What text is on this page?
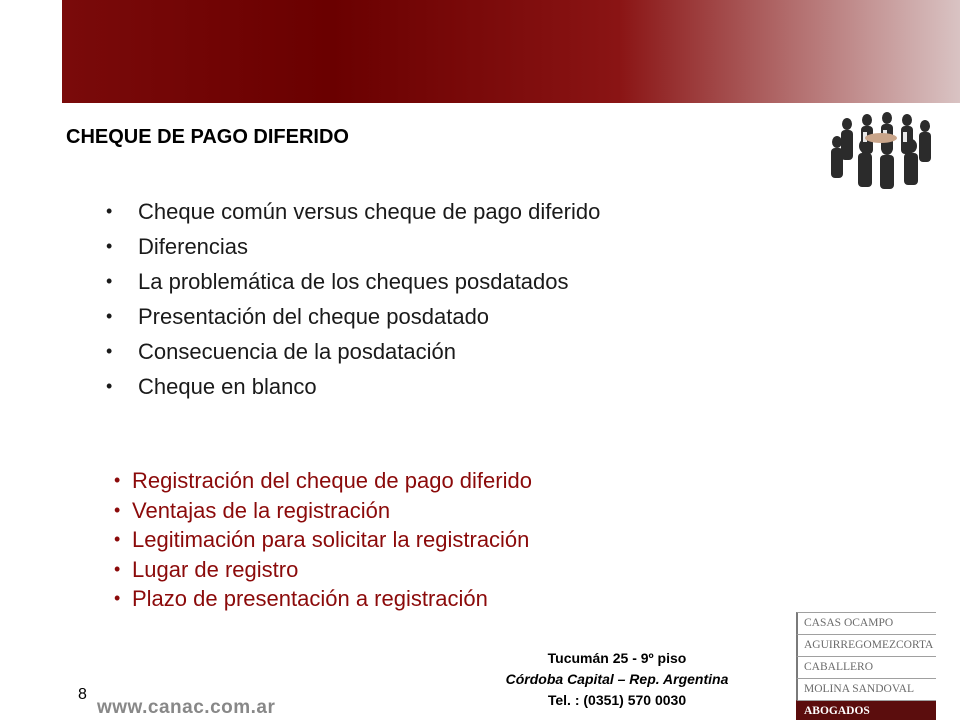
CHEQUE DE PAGO DIFERIDO
• Cheque común versus cheque de pago diferido
• Diferencias
• La problemática de los cheques posdatados
• Presentación del cheque posdatado
• Consecuencia de la posdatación
• Cheque en blanco
• Registración del cheque de pago diferido
• Ventajas de la registración
• Legitimación para solicitar la registración
• Lugar de registro
• Plazo de presentación a registración
Tucumán 25 - 9º piso
Córdoba Capital – Rep. Argentina
Tel. : (0351) 570 0030
8
www.canac.com.ar
CASAS OCAMPO
AGUIRREGOMEZCORTA
CABALLERO
MOLINA SANDOVAL
ABOGADOS
